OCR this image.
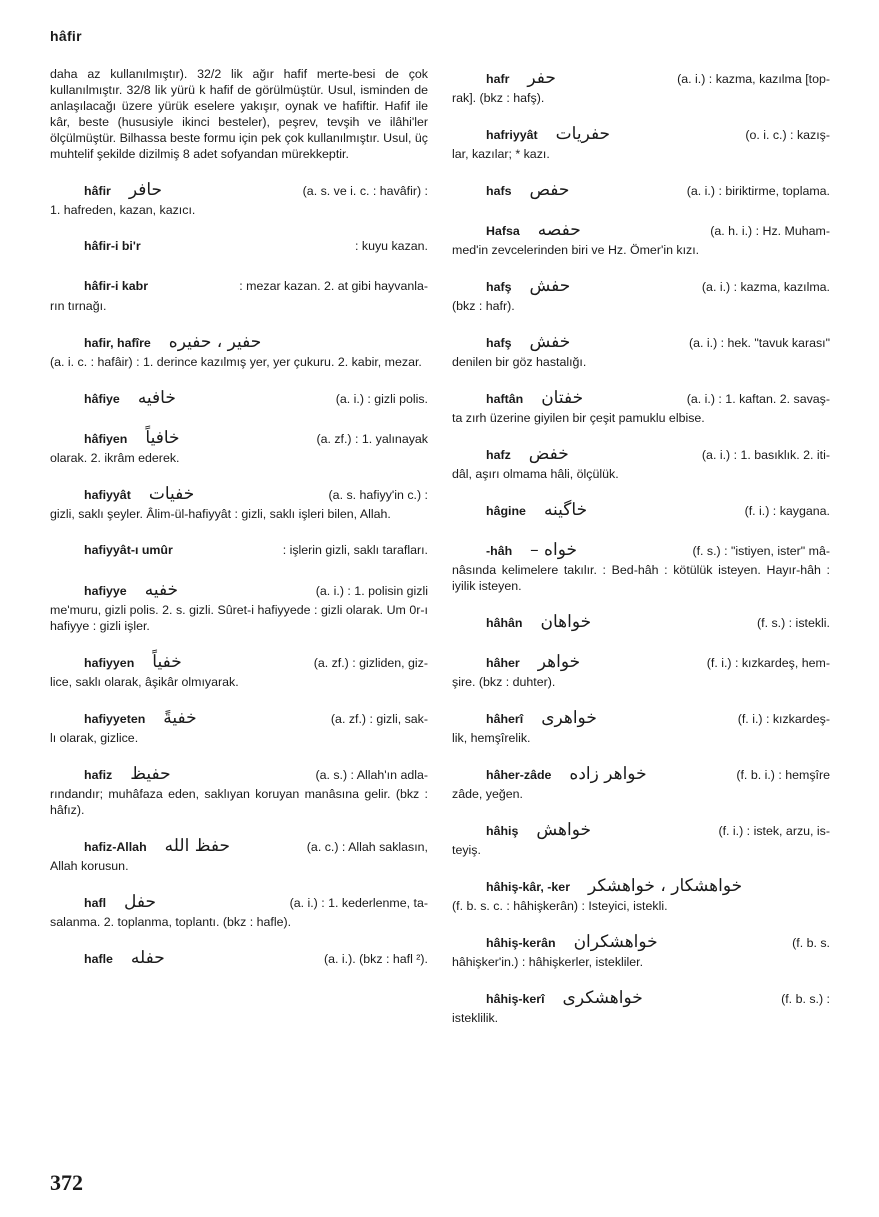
hâfir

daha az kullanılmıştır). 32/2 lik ağır hafif merte-besi de çok kullanılmıştır. 32/8 lik yürü k hafif de görülmüştür. Usul, isminden de anlaşılacağı üzere yürük eselere yakışır, oynak ve hafiftir. Hafif ile kâr, beste (hususiyle ikinci besteler), peşrev, tevşih ve ilâhi'ler ölçülmüştür. Bilhassa beste formu için pek çok kullanılmıştır. Usul, üç muhtelif şekilde dizilmiş 8 adet sofyandan mürekkeptir.

hâfir حافر	(a. s. ve i. c. : havâfir) :

1. hafreden, kazan, kazıcı.

hâfir-i bi'r	: kuyu kazan.
hâfir-i kabr	: mezar kazan. 2. at gibi hayvanla-

rın tırnağı.

hafir, hafîre حفير ، حفيره

(a. i. c. : hafâir) : 1. derince kazılmış yer, yer çukuru. 2. kabir, mezar.

hâfiye خافيه	(a. i.) : gizli polis.
hâfiyen خافياً	(a. zf.) : 1. yalınayak

olarak. 2. ikrâm ederek.

hafiyyât خفيات	(a. s. hafiyy'in c.) :

gizli, saklı şeyler. Âlim-ül-hafiyyât : gizli, saklı işleri bilen, Allah.

hafiyyât-ı umûr	: işlerin gizli, saklı tarafları.
hafiyye خفيه	(a. i.) : 1. polisin gizli

me'muru, gizli polis. 2. s. gizli. Sûret-i hafiyyede : gizli olarak. Um 0r-ı hafiyye : gizli işler.

hafiyyen خفياً	(a. zf.) : gizliden, giz-

lice, saklı olarak, âşikâr olmıyarak.

hafiyyeten خفيةً	(a. zf.) : gizli, sak-

lı olarak, gizlice.

hafiz حفيظ	(a. s.) : Allah'ın adla-

rındandır; muhâfaza eden, saklıyan koruyan manâsına gelir. (bkz : hâfız).

hafiz-Allah حفظ الله	(a. c.) : Allah saklasın,

Allah korusun.

hafl حفل	(a. i.) : 1. kederlenme, ta-

salanma. 2. toplanma, toplantı. (bkz : hafle).

hafle حفله	(a. i.). (bkz : hafl ²).
hafr حفر	(a. i.) : kazma, kazılma [top-

rak]. (bkz : hafş).

hafriyyât حفريات	(o. i. c.) : kazış-

lar, kazılar; * kazı.

hafs حفص	(a. i.) : biriktirme, toplama.
Hafsa حفصه	(a. h. i.) : Hz. Muham-

med'in zevcelerinden biri ve Hz. Ömer'in kızı.

hafş حفش	(a. i.) : kazma, kazılma.

(bkz : hafr).

hafş خفش	(a. i.) : hek. "tavuk karası"

denilen bir göz hastalığı.

haftân خفتان	(a. i.) : 1. kaftan. 2. savaş-

ta zırh üzerine giyilen bir çeşit pamuklu elbise.

hafz خفض	(a. i.) : 1. basıklık. 2. iti-

dâl, aşırı olmama hâli, ölçülük.

hâgine خاگینه	(f. i.) : kaygana.
-hâh خواه –	(f. s.) : "istiyen, ister" mâ-

nâsında kelimelere takılır. : Bed-hâh : kötülük isteyen. Hayır-hâh : iyilik isteyen.

hâhân خواهان	(f. s.) : istekli.
hâher خواهر	(f. i.) : kızkardeş, hem-

şire. (bkz : duhter).

hâherî خواهری	(f. i.) : kızkardeş-

lik, hemşîrelik.

hâher-zâde خواهر زاده	(f. b. i.) : hemşîre

zâde, yeğen.

hâhiş خواهش	(f. i.) : istek, arzu, is-

teyiş.

hâhiş-kâr, -ker خواهشكار ، خواهشكر

(f. b. s. c. : hâhişkerân) : Isteyici, istekli.

hâhiş-kerân خواهشكران	(f. b. s.

hâhişker'in.) : hâhişkerler, istekliler.

hâhiş-kerî خواهشكرى	(f. b. s.) :

isteklilik.

372
